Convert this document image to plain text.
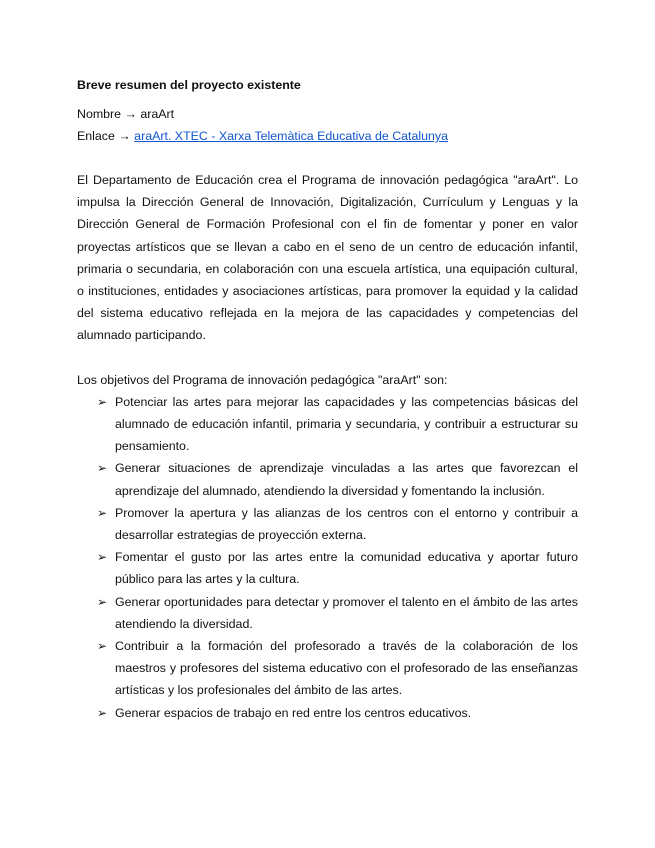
Breve resumen del proyecto existente

Nombre → araArt

Enlace → araArt. XTEC - Xarxa Telemàtica Educativa de Catalunya

El Departamento de Educación crea el Programa de innovación pedagógica "araArt". Lo impulsa la Dirección General de Innovación, Digitalización, Currículum y Lenguas y la Dirección General de Formación Profesional con el fin de fomentar y poner en valor proyectas artísticos que se llevan a cabo en el seno de un centro de educación infantil, primaria o secundaria, en colaboración con una escuela artística, una equipación cultural, o instituciones, entidades y asociaciones artísticas, para promover la equidad y la calidad del sistema educativo reflejada en la mejora de las capacidades y competencias del alumnado participando.

Los objetivos del Programa de innovación pedagógica "araArt" son:

➢ Potenciar las artes para mejorar las capacidades y las competencias básicas del alumnado de educación infantil, primaria y secundaria, y contribuir a estructurar su pensamiento.
➢ Generar situaciones de aprendizaje vinculadas a las artes que favorezcan el aprendizaje del alumnado, atendiendo la diversidad y fomentando la inclusión.
➢ Promover la apertura y las alianzas de los centros con el entorno y contribuir a desarrollar estrategias de proyección externa.
➢ Fomentar el gusto por las artes entre la comunidad educativa y aportar futuro público para las artes y la cultura.
➢ Generar oportunidades para detectar y promover el talento en el ámbito de las artes atendiendo la diversidad.
➢ Contribuir a la formación del profesorado a través de la colaboración de los maestros y profesores del sistema educativo con el profesorado de las enseñanzas artísticas y los profesionales del ámbito de las artes.
➢ Generar espacios de trabajo en red entre los centros educativos.
